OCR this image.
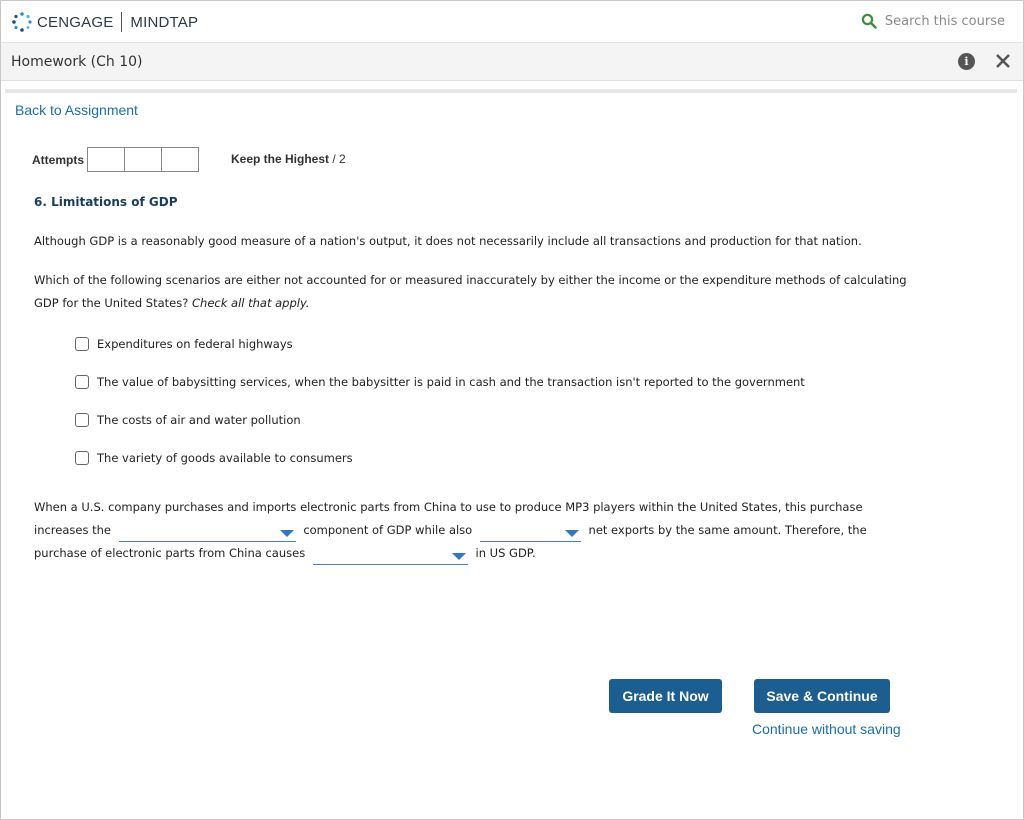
CENGAGE MINDTAP	Search this course
Homework (Ch 10)	i
Back to Assignment
Attempts	Keep the Highest / 2
6. Limitations of GDP
Although GDP is a reasonably good measure of a nation's output, it does not necessarily include all transactions and production for that nation.
Which of the following scenarios are either not accounted for or measured inaccurately by either the income or the expenditure methods of calculating GDP for the United States? Check all that apply.
Expenditures on federal highways
The value of babysitting services, when the babysitter is paid in cash and the transaction isn't reported to the government
The costs of air and water pollution
The variety of goods available to consumers
When a U.S. company purchases and imports electronic parts from China to use to produce MP3 players within the United States, this purchase increases the	component of GDP while also	net exports by the same amount. Therefore, the purchase of electronic parts from China causes	in US GDP.
Grade It Now	Save & Continue
Continue without saving
